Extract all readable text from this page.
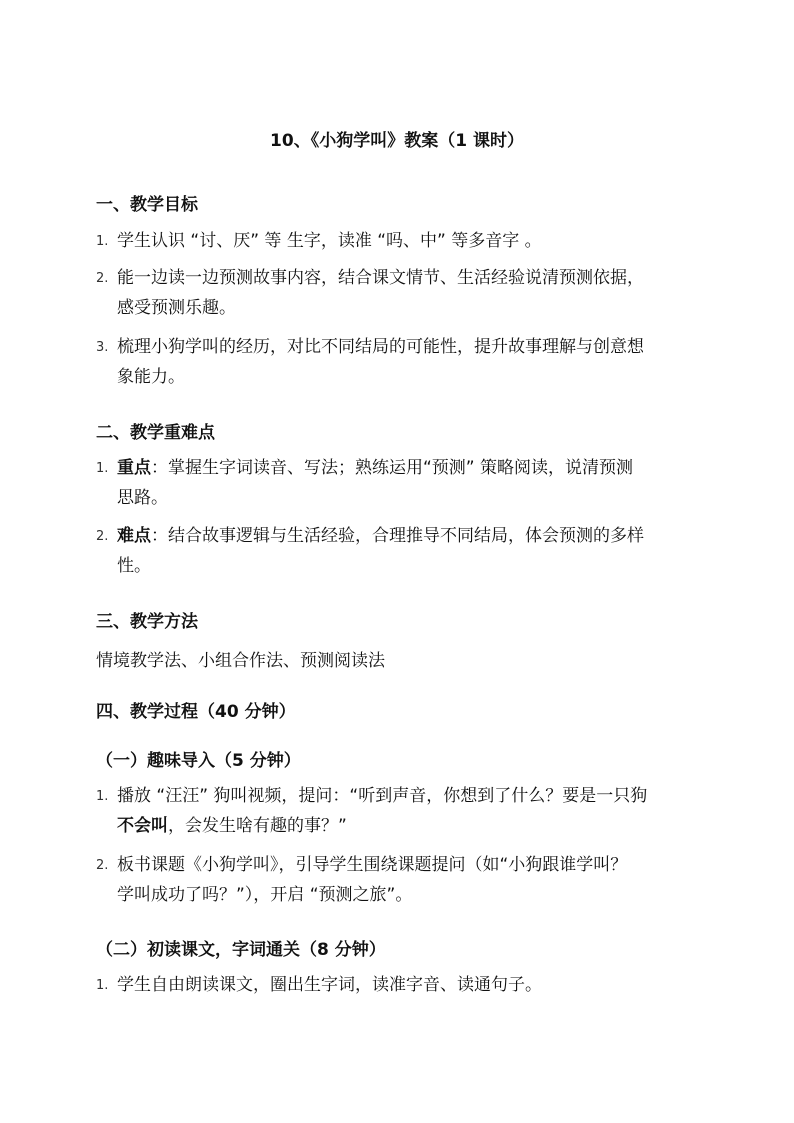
10、《小狗学叫》教案（1 课时）
一、教学目标
1. 学生认识 “讨、厌” 等 生字，读准 “吗、中” 等多音字 。
2. 能一边读一边预测故事内容，结合课文情节、生活经验说清预测依据，
感受预测乐趣。
3. 梳理小狗学叫的经历，对比不同结局的可能性，提升故事理解与创意想
象能力。
二、教学重难点
1. 重点：掌握生字词读音、写法；熟练运用“预测” 策略阅读，说清预测
思路。
2. 难点：结合故事逻辑与生活经验，合理推导不同结局，体会预测的多样
性。
三、教学方法
情境教学法、小组合作法、预测阅读法
四、教学过程（40 分钟）
（一）趣味导入（5 分钟）
1. 播放 “汪汪” 狗叫视频，提问：“听到声音，你想到了什么？要是一只狗
不会叫，会发生啥有趣的事？”
2. 板书课题《小狗学叫》，引导学生围绕课题提问（如“小狗跟谁学叫？
学叫成功了吗？”），开启 “预测之旅”。
（二）初读课文，字词通关（8 分钟）
1. 学生自由朗读课文，圈出生字词，读准字音、读通句子。
